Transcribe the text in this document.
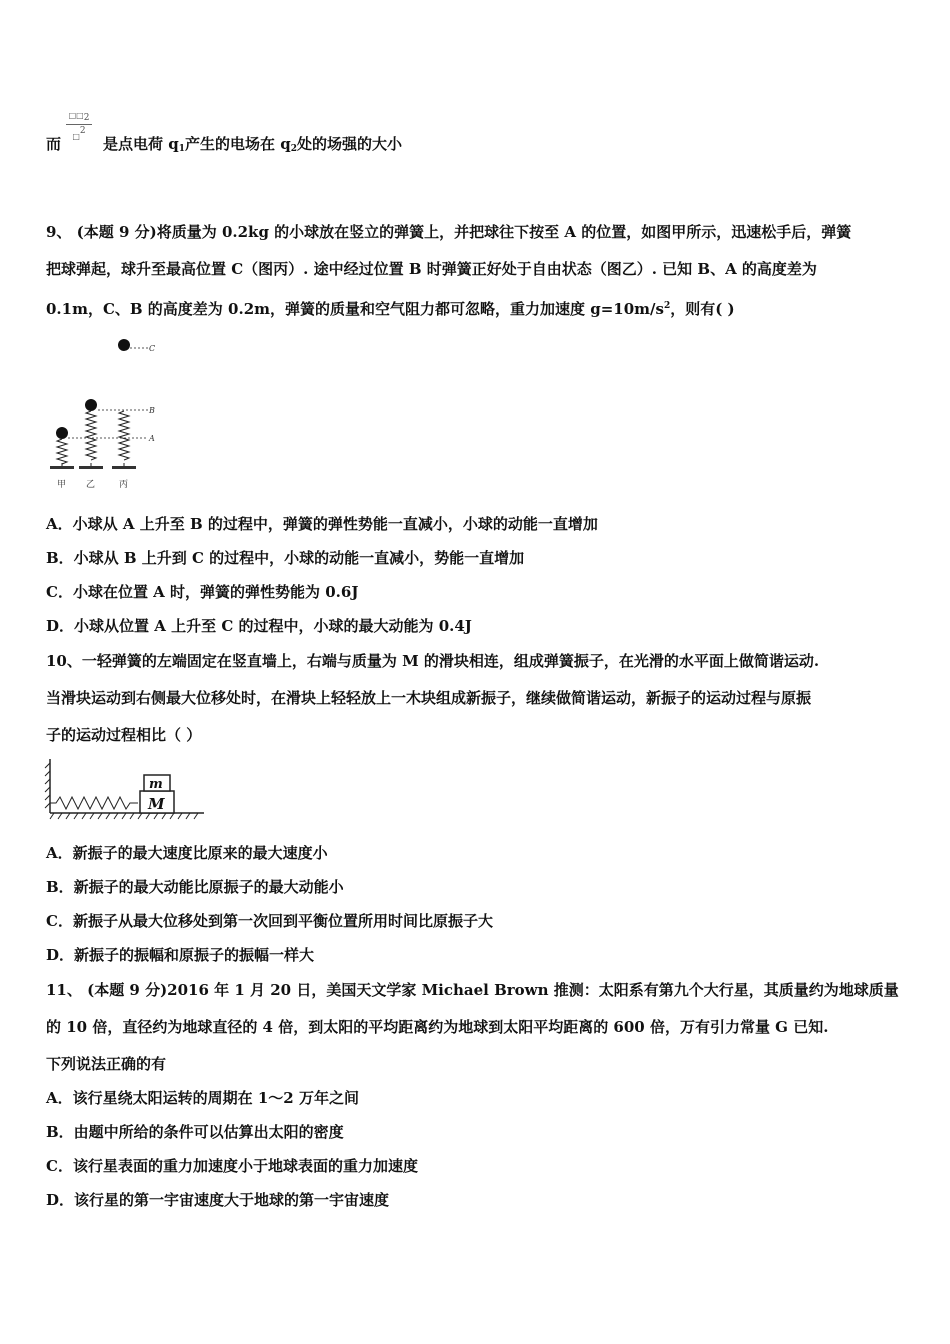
$□□_2$
□$^2$
而	是点电荷 $q_1$产生的电场在 $q_2$处的场强的大小
9、 (本题 9 分)将质量为 0.2kg 的小球放在竖立的弹簧上，并把球往下按至 A 的位置，如图甲所示，迅速松手后，弹簧
把球弹起，球升至最高位置 C（图丙）. 途中经过位置 B 时弹簧正好处于自由状态（图乙）. 已知 B、A 的高度差为
0.1m，C、B 的高度差为 0.2m，弹簧的质量和空气阻力都可忽略，重力加速度 $g=10m/s^2$，则有( )
C
B
A
甲 乙	丙
A．小球从 A 上升至 B 的过程中，弹簧的弹性势能一直减小，小球的动能一直增加
B．小球从 B 上升到 C 的过程中，小球的动能一直减小，势能一直增加
C．小球在位置 A 时，弹簧的弹性势能为 0.6J
D．小球从位置 A 上升至 C 的过程中，小球的最大动能为 0.4J
10、一轻弹簧的左端固定在竖直墙上，右端与质量为 M 的滑块相连，组成弹簧振子，在光滑的水平面上做简谐运动.
当滑块运动到右侧最大位移处时，在滑块上轻轻放上一木块组成新振子，继续做简谐运动，新振子的运动过程与原振
子的运动过程相比（ ）
M
m
A．新振子的最大速度比原来的最大速度小
B．新振子的最大动能比原振子的最大动能小
C．新振子从最大位移处到第一次回到平衡位置所用时间比原振子大
D．新振子的振幅和原振子的振幅一样大
11、 (本题 9 分)2016 年 1 月 20 日，美国天文学家 Michael Brown 推测：太阳系有第九个大行星，其质量约为地球质量
的 10 倍，直径约为地球直径的 4 倍，到太阳的平均距离约为地球到太阳平均距离的 600 倍，万有引力常量 G 已知.
下列说法正确的有
A．该行星绕太阳运转的周期在 1～2 万年之间
B．由题中所给的条件可以估算出太阳的密度
C．该行星表面的重力加速度小于地球表面的重力加速度
D．该行星的第一宇宙速度大于地球的第一宇宙速度
